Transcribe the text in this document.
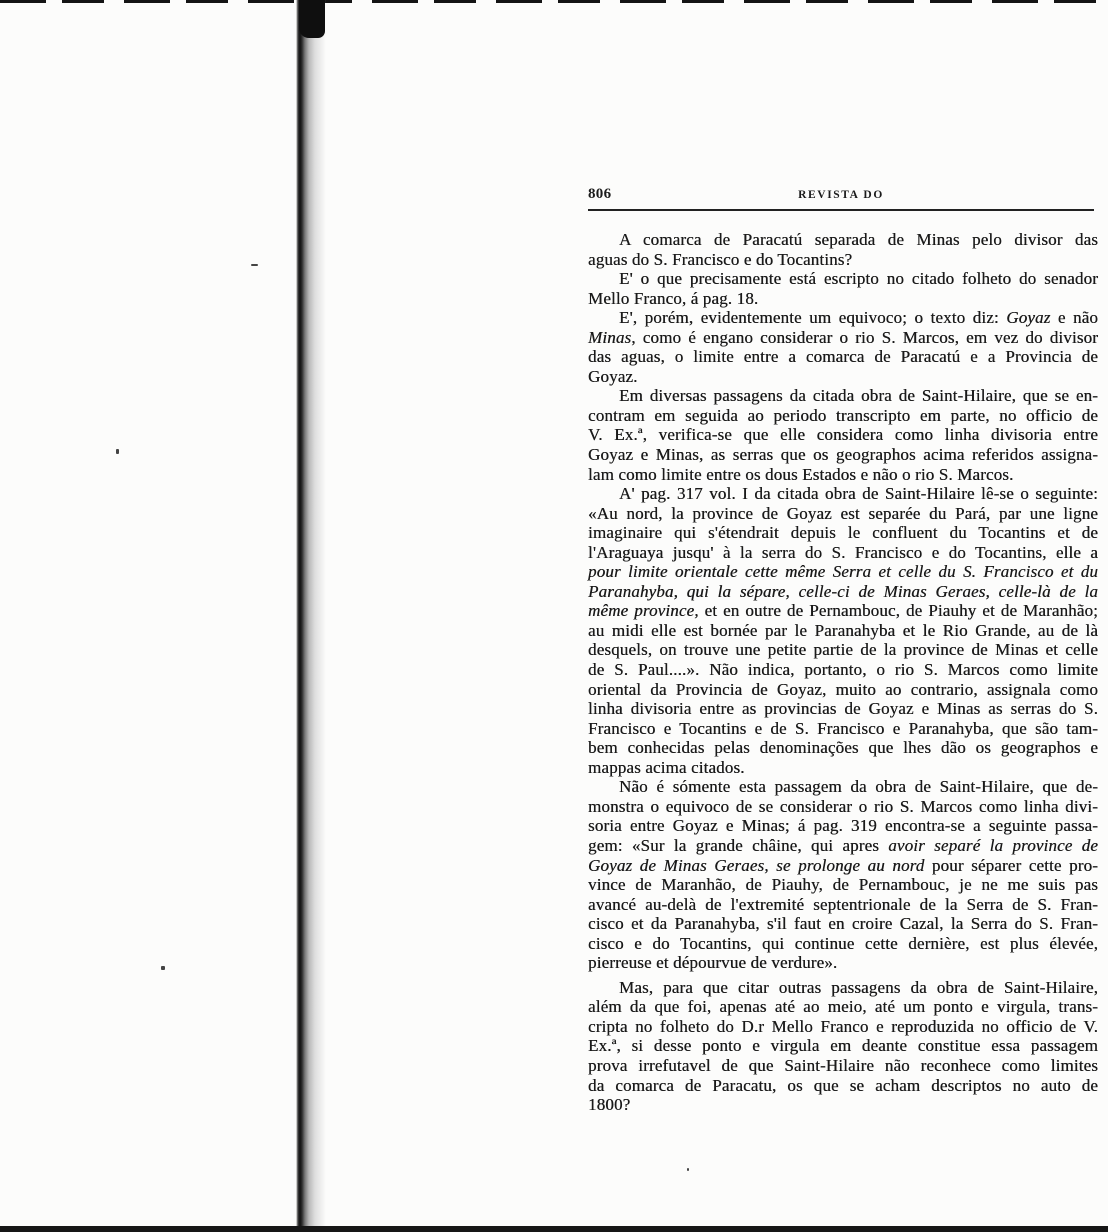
806	REVISTA DO
A comarca de Paracatú separada de Minas pelo divisor das
aguas do S. Francisco e do Tocantins?
E' o que precisamente está escripto no citado folheto do senador
Mello Franco, á pag. 18.
E', porém, evidentemente um equivoco; o texto diz: Goyaz e não
Minas, como é engano considerar o rio S. Marcos, em vez do divisor
das aguas, o limite entre a comarca de Paracatú e a Provincia de
Goyaz.
Em diversas passagens da citada obra de Saint-Hilaire, que se en-
contram em seguida ao periodo transcripto em parte, no officio de
V. Ex.ª, verifica-se que elle considera como linha divisoria entre
Goyaz e Minas, as serras que os geographos acima referidos assigna-
lam como limite entre os dous Estados e não o rio S. Marcos.
A' pag. 317 vol. I da citada obra de Saint-Hilaire lê-se o seguinte:
«Au nord, la province de Goyaz est separée du Pará, par une ligne
imaginaire qui s'étendrait depuis le confluent du Tocantins et de
l'Araguaya jusqu' à la serra do S. Francisco e do Tocantins, elle a
pour limite orientale cette même Serra et celle du S. Francisco et du
Paranahyba, qui la sépare, celle-ci de Minas Geraes, celle-là de la
même province, et en outre de Pernambouc, de Piauhy et de Maranhão;
au midi elle est bornée par le Paranahyba et le Rio Grande, au de là
desquels, on trouve une petite partie de la province de Minas et celle
de S. Paul....». Não indica, portanto, o rio S. Marcos como limite
oriental da Provincia de Goyaz, muito ao contrario, assignala como
linha divisoria entre as provincias de Goyaz e Minas as serras do S.
Francisco e Tocantins e de S. Francisco e Paranahyba, que são tam-
bem conhecidas pelas denominações que lhes dão os geographos e
mappas acima citados.
Não é sómente esta passagem da obra de Saint-Hilaire, que de-
monstra o equivoco de se considerar o rio S. Marcos como linha divi-
soria entre Goyaz e Minas; á pag. 319 encontra-se a seguinte passa-
gem: «Sur la grande châine, qui apres avoir separé la province de
Goyaz de Minas Geraes, se prolonge au nord pour séparer cette pro-
vince de Maranhão, de Piauhy, de Pernambouc, je ne me suis pas
avancé au-delà de l'extremité septentrionale de la Serra de S. Fran-
cisco et da Paranahyba, s'il faut en croire Cazal, la Serra do S. Fran-
cisco e do Tocantins, qui continue cette dernière, est plus élevée,
pierreuse et dépourvue de verdure».
Mas, para que citar outras passagens da obra de Saint-Hilaire,
além da que foi, apenas até ao meio, até um ponto e virgula, trans-
cripta no folheto do D.r Mello Franco e reproduzida no officio de V.
Ex.ª, si desse ponto e virgula em deante constitue essa passagem
prova irrefutavel de que Saint-Hilaire não reconhece como limites
da comarca de Paracatu, os que se acham descriptos no auto de
1800?
